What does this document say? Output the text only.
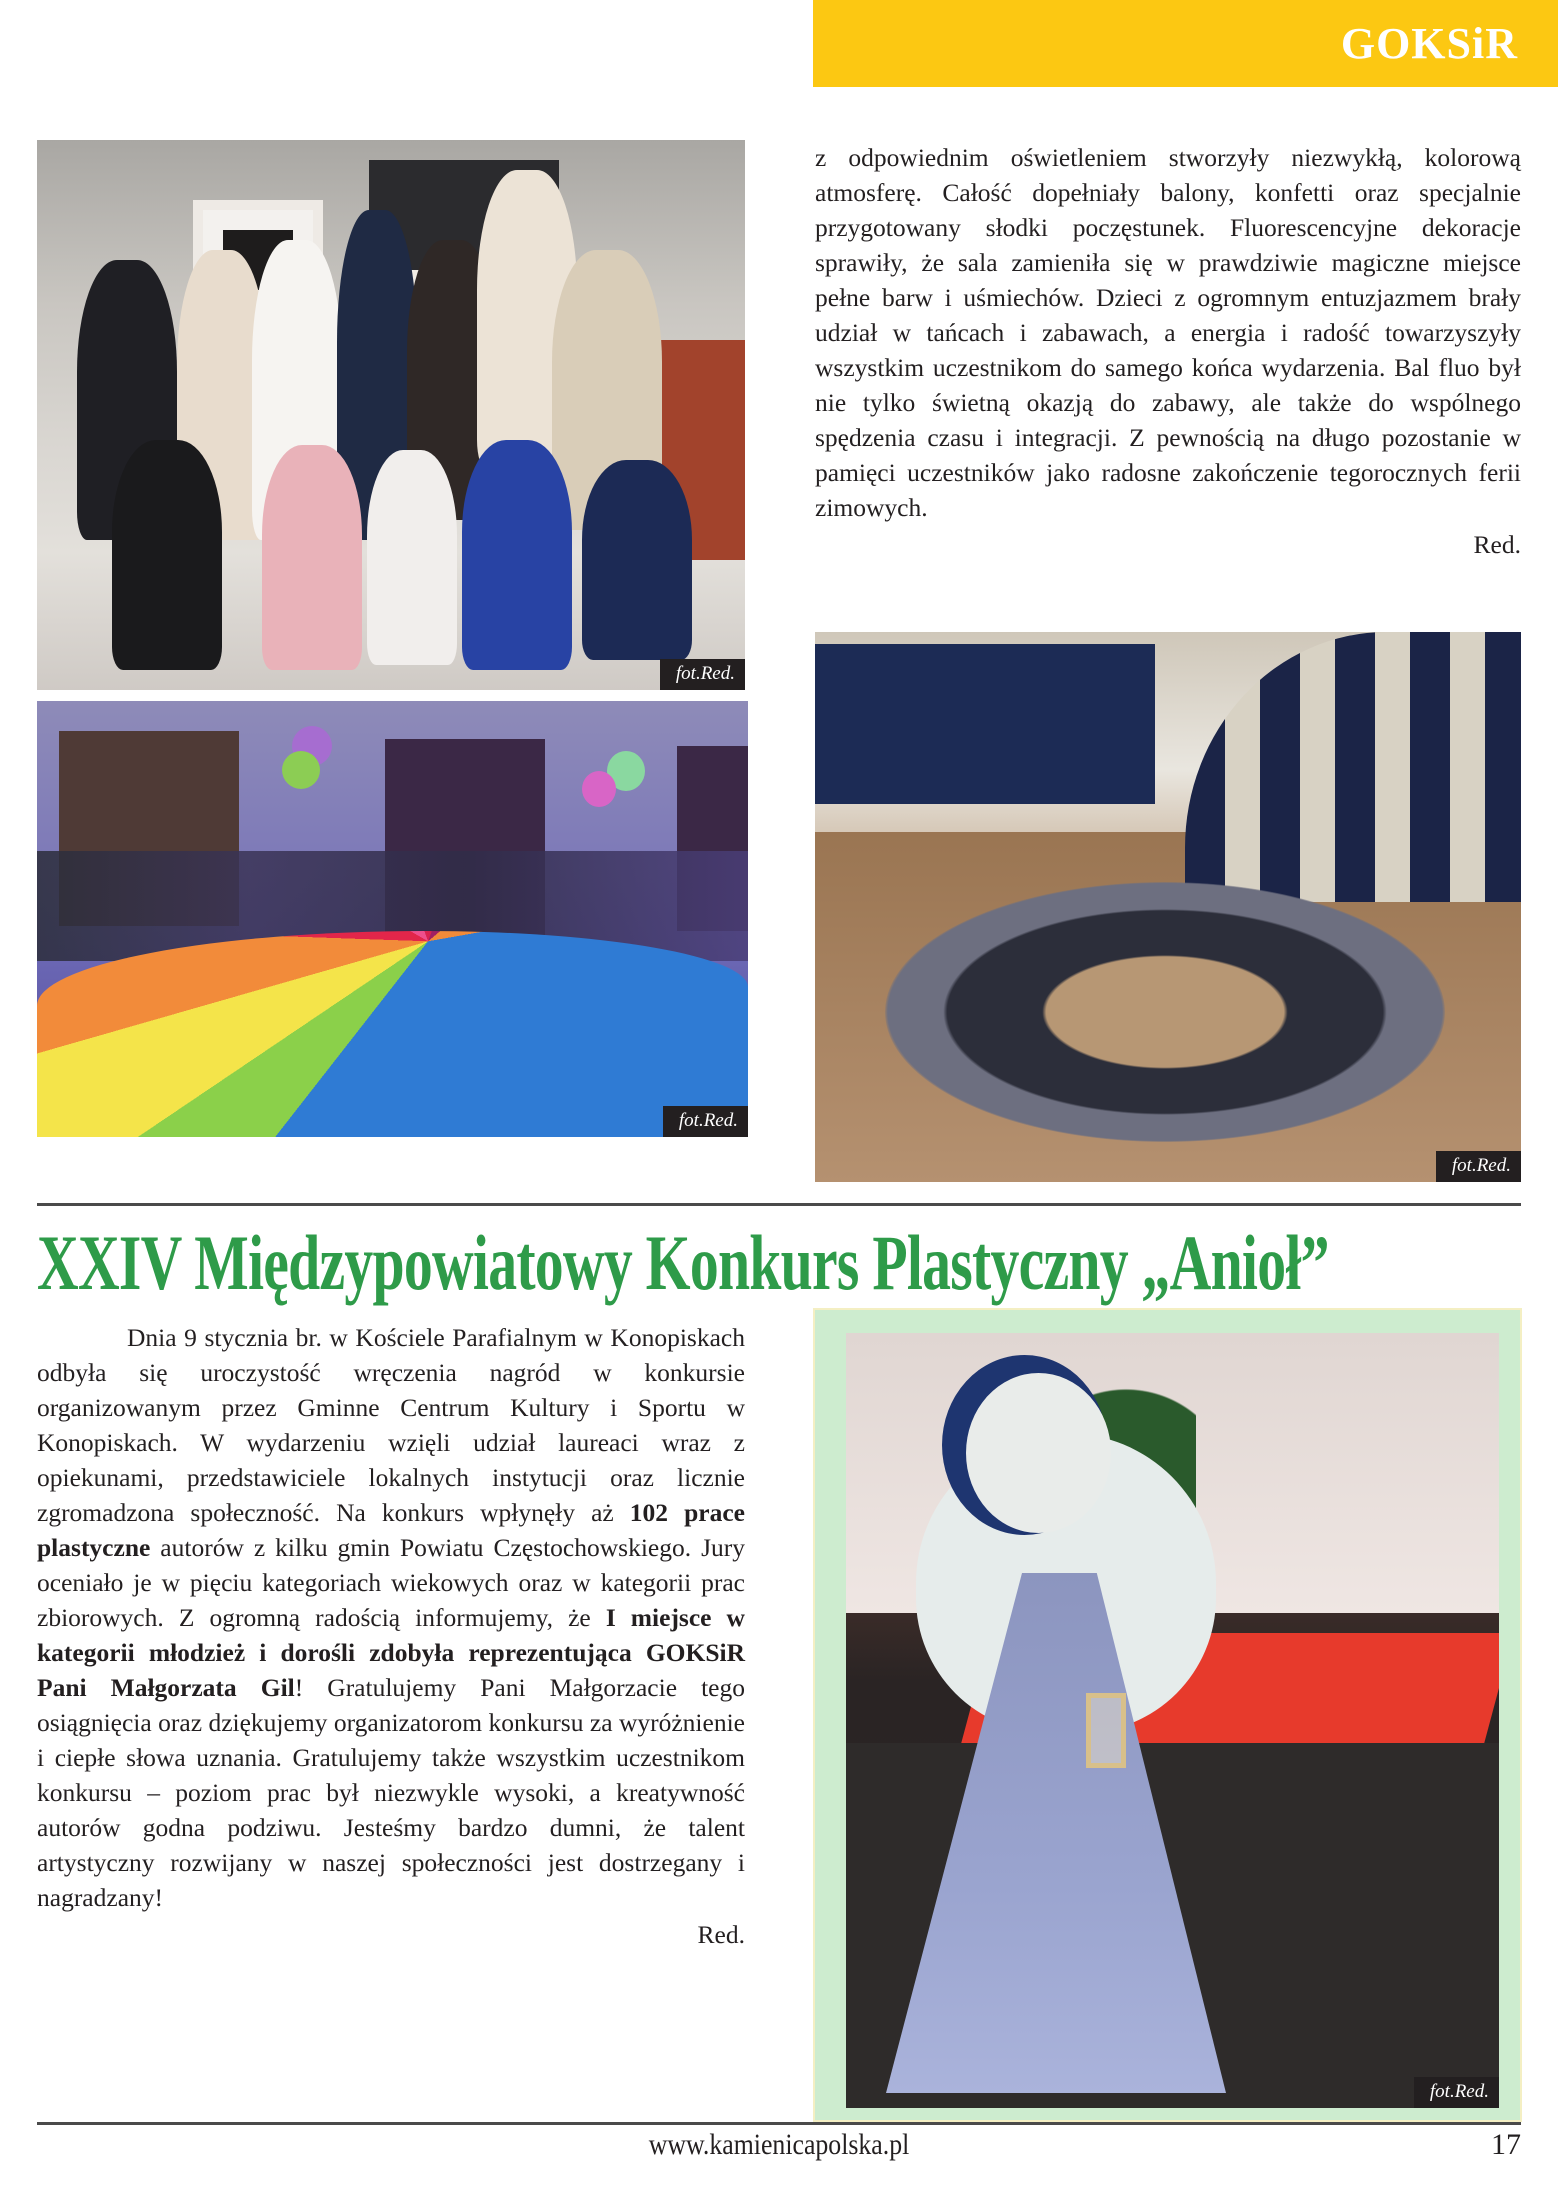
GOKSiR
fot.Red.
fot.Red.

z odpowiednim oświetleniem stworzyły niezwykłą, kolorową atmosferę. Całość dopełniały balony, konfetti oraz specjalnie przygotowany słodki poczęstunek. Fluorescencyjne dekoracje sprawiły, że sala zamieniła się w prawdziwie magiczne miejsce pełne barw i uśmiechów. Dzieci z ogromnym entuzjazmem brały udział w tańcach i zabawach, a energia i radość towarzyszyły wszystkim uczestnikom do samego końca wydarzenia. Bal fluo był nie tylko świetną okazją do zabawy, ale także do wspólnego spędzenia czasu i integracji. Z pewnością na długo pozostanie w pamięci uczestników jako radosne zakończenie tegorocznych ferii zimowych.

Red.

fot.Red.
XXIV Międzypowiatowy Konkurs Plastyczny „Anioł”

Dnia 9 stycznia br. w Kościele Parafialnym w Konopiskach odbyła się uroczystość wręczenia nagród w konkursie organizowanym przez Gminne Centrum Kultury i Sportu w Konopiskach. W wydarzeniu wzięli udział laureaci wraz z opiekunami, przedstawiciele lokalnych instytucji oraz licznie zgromadzona społeczność. Na konkurs wpłynęły aż 102 prace plastyczne autorów z kilku gmin Powiatu Częstochowskiego. Jury oceniało je w pięciu kategoriach wiekowych oraz w kategorii prac zbiorowych. Z ogromną radością informujemy, że I miejsce w kategorii młodzież i dorośli zdobyła reprezentująca GOKSiR Pani Małgorzata Gil! Gratulujemy Pani Małgorzacie tego osiągnięcia oraz dziękujemy organizatorom konkursu za wyróżnienie i ciepłe słowa uznania. Gratulujemy także wszystkim uczestnikom konkursu – poziom prac był niezwykle wysoki, a kreatywność autorów godna podziwu. Jesteśmy bardzo dumni, że talent artystyczny rozwijany w naszej społeczności jest dostrzegany i nagradzany!

Red.

fot.Red.
www.kamienicapolska.pl	17
